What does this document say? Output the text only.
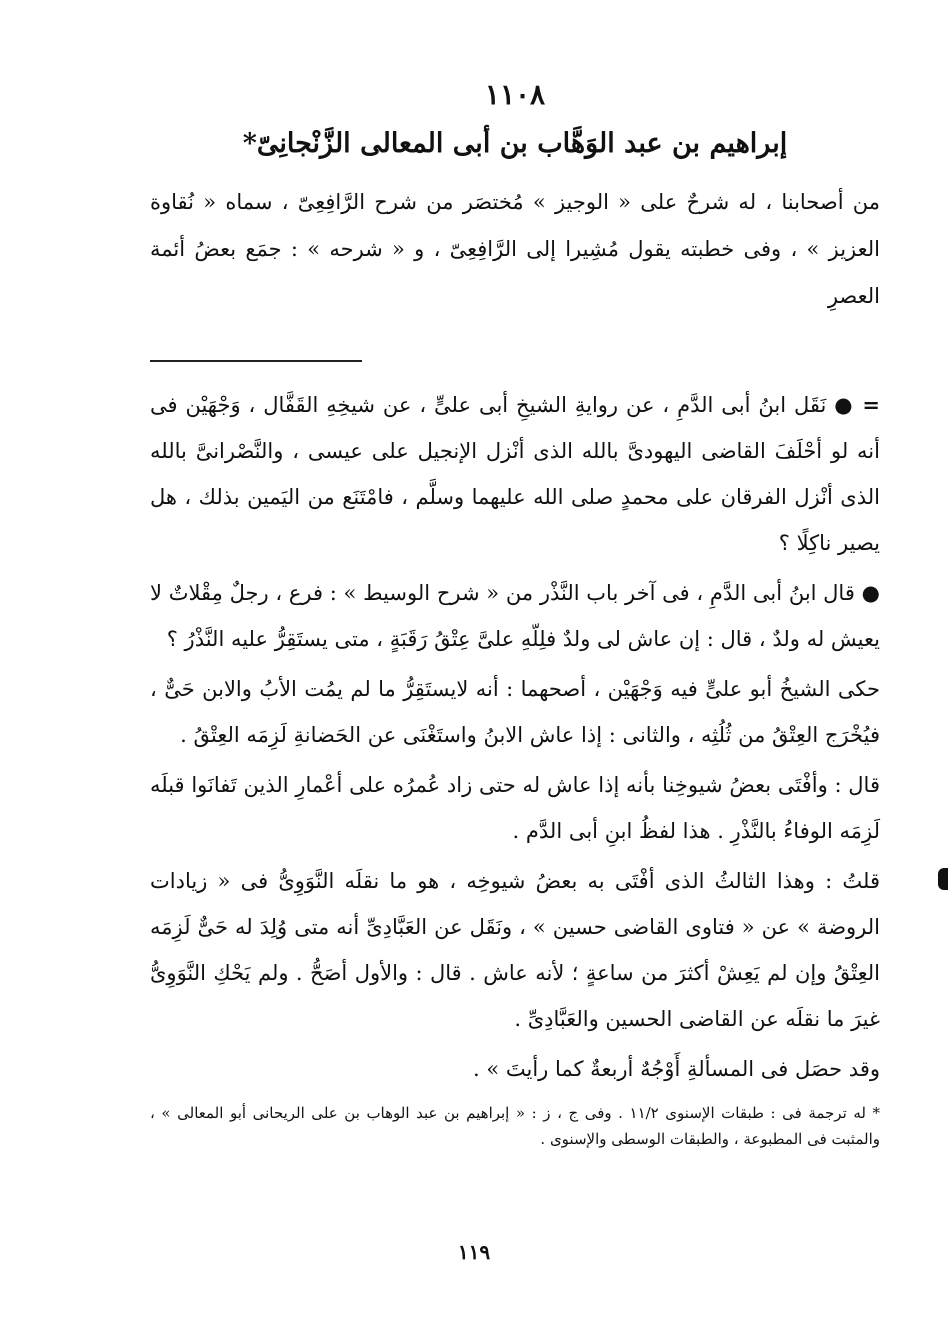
١١٠٨
إبراهيم بن عبد الوَهَّاب بن أبى المعالى الزَّنْجانِىّ*

من أصحابنا ، له شرحٌ على « الوجيز » مُختصَر من شرح الرَّافِعِىّ ، سماه « نُقاوة العزيز » ، وفى خطبته يقول مُشِيرا إلى الرَّافِعِىّ ، و « شرحه » : جمَع بعضُ أئمة العصرِ

= ● نَقَل ابنُ أبى الدَّمِ ، عن روايةِ الشيخِ أبى علىٍّ ، عن شيخِهِ القَفَّال ، وَجْهَيْن فى أنه لو أحْلَفَ القاضى اليهودىَّ بالله الذى أنْزل الإنجيل على عيسى ، والنَّصْرانىَّ بالله الذى أنْزل الفرقان على محمدٍ صلى الله عليهما وسلَّم ، فامْتَنَع من اليَمين بذلك ، هل يصير ناكِلًا ؟

● قال ابنُ أبى الدَّمِ ، فى آخر باب النَّذْر من « شرح الوسيط » : فرع ، رجلٌ مِقْلاتٌ لا يعيش له ولدٌ ، قال : إن عاش لى ولدٌ فلِلّهِ علىَّ عِتْقُ رَقَبَةٍ ، متى يستَقِرُّ عليه النَّذْرُ ؟

حكى الشيخُ أبو علىٍّ فيه وَجْهَيْن ، أصحهما : أنه لايستَقِرُّ ما لم يمُت الأبُ والابن حَىٌّ ، فيُخْرَج العِتْقُ من ثُلُثِه ، والثانى : إذا عاش الابنُ واستَغْنَى عن الحَضانةِ لَزِمَه العِتْقُ .

قال : وأفْتَى بعضُ شيوخِنا بأنه إذا عاش له حتى زاد عُمرُه على أعْمارِ الذين تَفانَوا قبلَه لَزِمَه الوفاءُ بالنَّذْرِ . هذا لفظُ ابنِ أبى الدَّم .

قلتُ : وهذا الثالثُ الذى أفْتَى به بعضُ شيوخِه ، هو ما نقلَه النَّوَوِىُّ فى « زيادات الروضة » عن « فتاوى القاضى حسين » ، ونَقَل عن العَبَّادِىِّ أنه متى وُلِدَ له حَىٌّ لَزِمَه العِتْقُ وإن لم يَعِشْ أكثرَ من ساعةٍ ؛ لأنه عاش . قال : والأول أصَحُّ . ولم يَحْكِ النَّوَوِىُّ غيرَ ما نقلَه عن القاضى الحسين والعَبَّادِىِّ .

وقد حصَل فى المسألةِ أَوْجُهٌ أربعةٌ كما رأيتَ » .

* له ترجمة فى : طبقات الإسنوى ١١/٢ . وفى ج ، ز : « إبراهيم بن عبد الوهاب بن على الريحانى أبو المعالى » ، والمثبت فى المطبوعة ، والطبقات الوسطى والإسنوى .

١١٩
